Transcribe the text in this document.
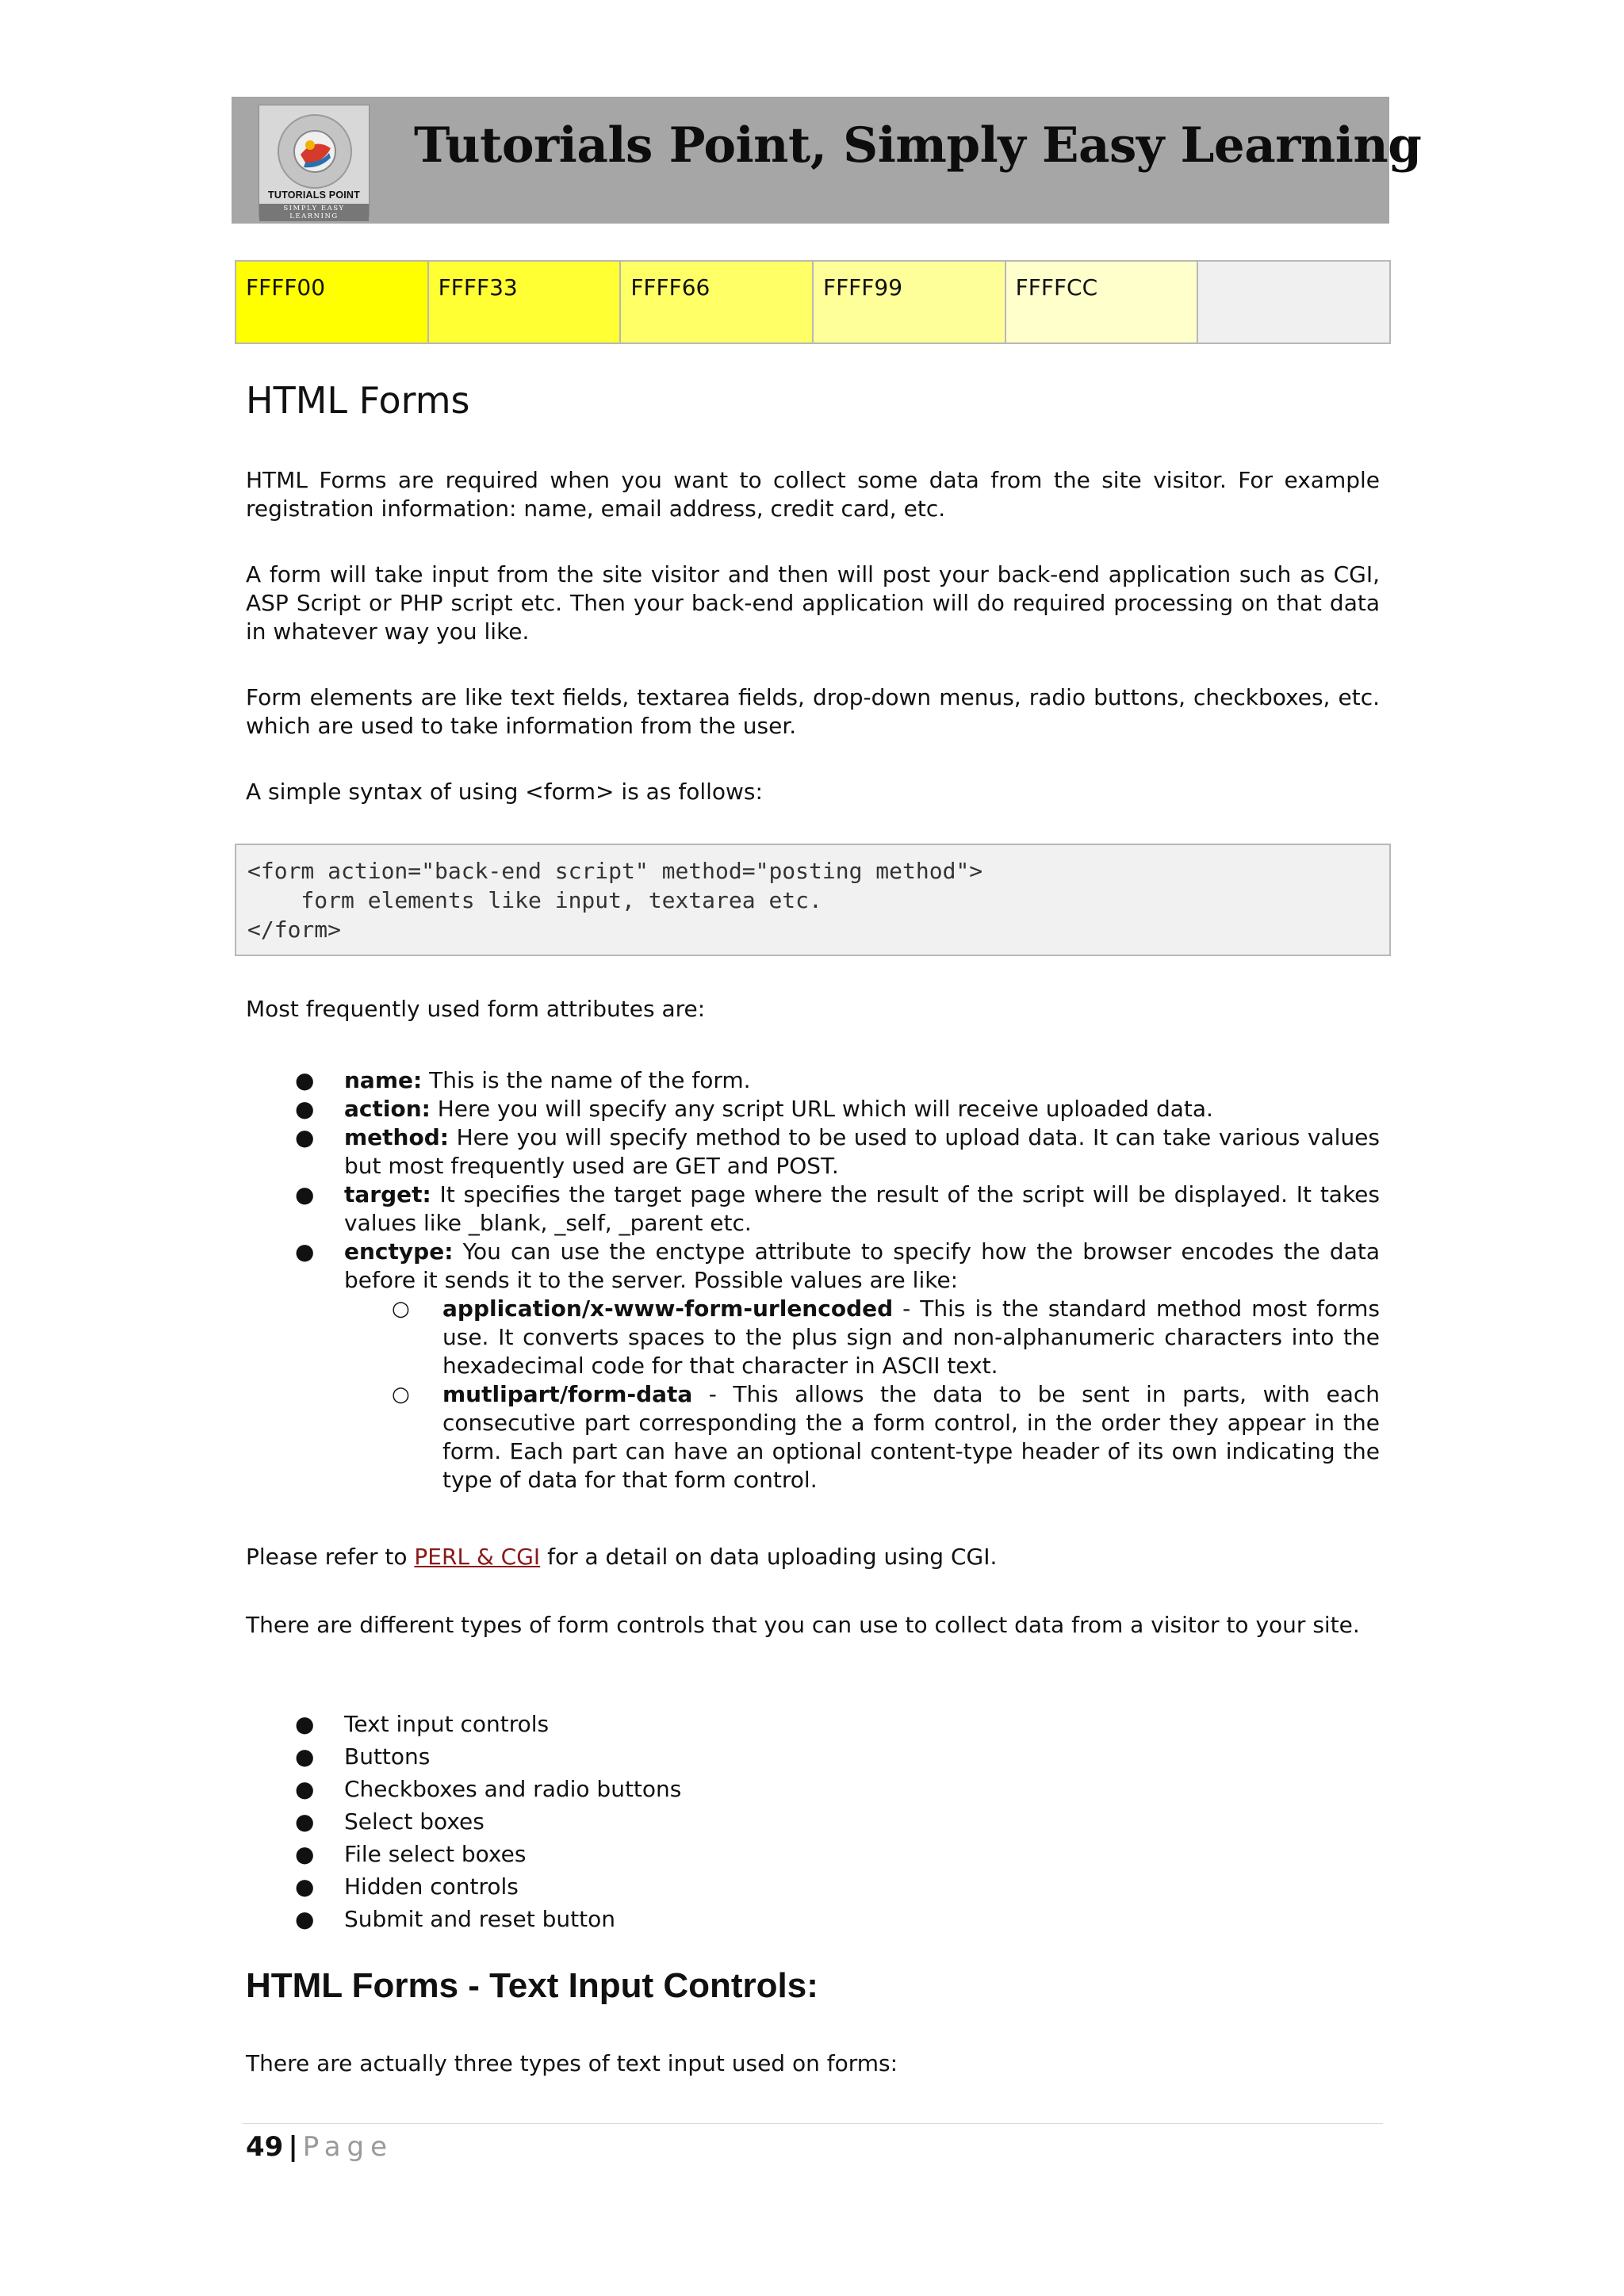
TUTORIALS POINT
SIMPLY EASY LEARNING
Tutorials Point, Simply Easy Learning
FFFF00	FFFF33	FFFF66	FFFF99	FFFFCC	
HTML Forms

HTML Forms are required when you want to collect some data from the site visitor. For example registration information: name, email address, credit card, etc.

A form will take input from the site visitor and then will post your back-end application such as CGI, ASP Script or PHP script etc. Then your back-end application will do required processing on that data in whatever way you like.

Form elements are like text fields, textarea fields, drop-down menus, radio buttons, checkboxes, etc. which are used to take information from the user.

A simple syntax of using <form> is as follows:

<form action="back-end script" method="posting method">
form elements like input, textarea etc.
</form>

Most frequently used form attributes are:

● name: This is the name of the form.
● action: Here you will specify any script URL which will receive uploaded data.
● method: Here you will specify method to be used to upload data. It can take various values but most frequently used are GET and POST.
● target: It specifies the target page where the result of the script will be displayed. It takes values like _blank, _self, _parent etc.
● enctype: You can use the enctype attribute to specify how the browser encodes the data before it sends it to the server. Possible values are like:
○ application/x-www-form-urlencoded - This is the standard method most forms use. It converts spaces to the plus sign and non-alphanumeric characters into the hexadecimal code for that character in ASCII text.
○ mutlipart/form-data - This allows the data to be sent in parts, with each consecutive part corresponding the a form control, in the order they appear in the form. Each part can have an optional content-type header of its own indicating the type of data for that form control.

Please refer to PERL & CGI for a detail on data uploading using CGI.

There are different types of form controls that you can use to collect data from a visitor to your site.

● Text input controls
● Buttons
● Checkboxes and radio buttons
● Select boxes
● File select boxes
● Hidden controls
● Submit and reset button
HTML Forms - Text Input Controls:

There are actually three types of text input used on forms:

49 | Page
